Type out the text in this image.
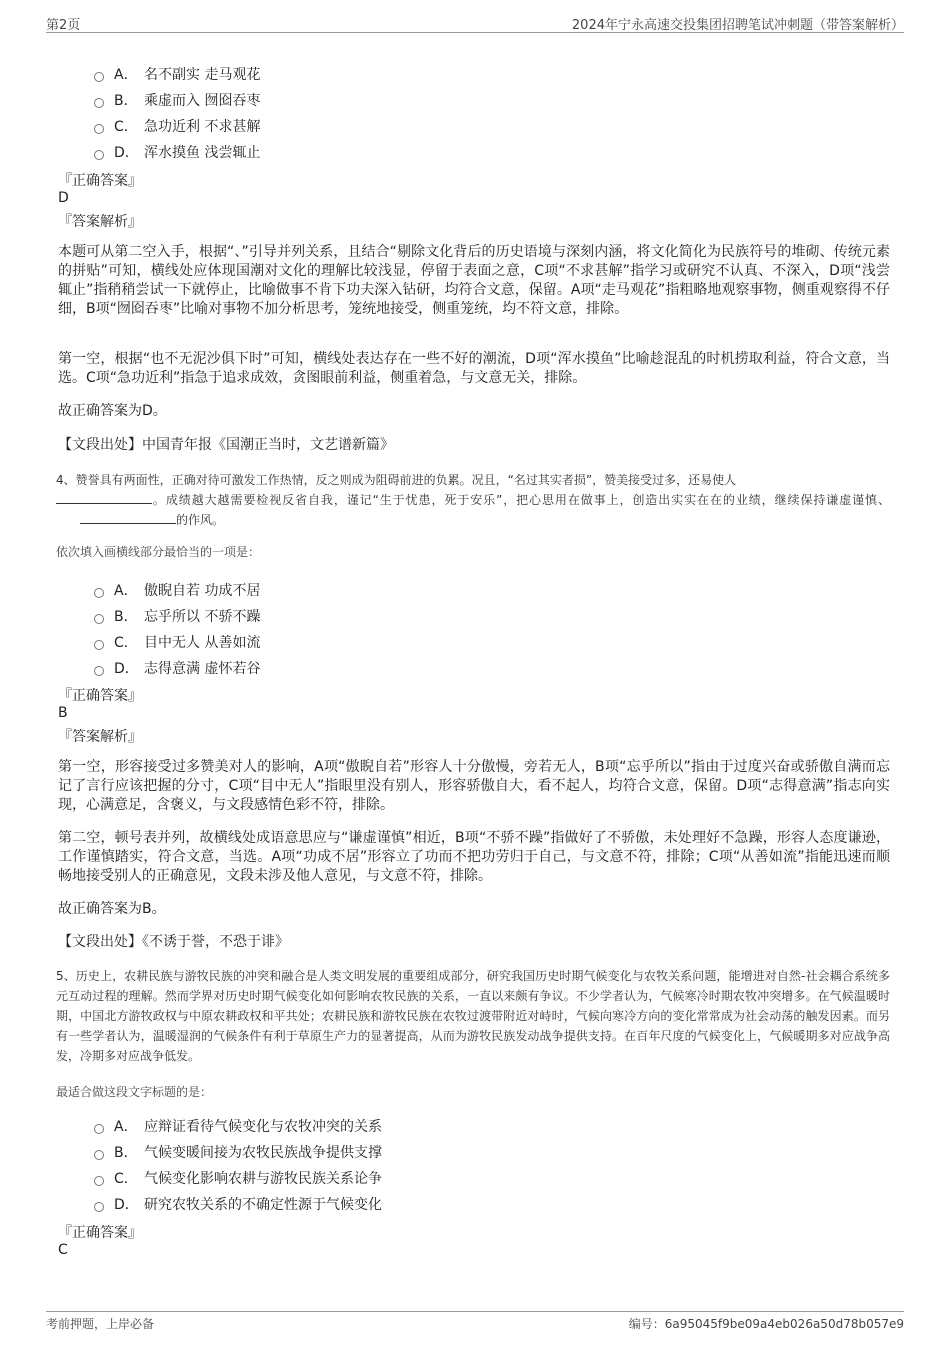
第2页	2024年宁永高速交投集团招聘笔试冲刺题（带答案解析）
A． 名不副实 走马观花
B． 乘虚而入 囫囵吞枣
C． 急功近利 不求甚解
D． 浑水摸鱼 浅尝辄止
『正确答案』
D
『答案解析』

本题可从第二空入手，根据“、”引导并列关系，且结合“剔除文化背后的历史语境与深刻内涵，将文化简化为民族符号的堆砌、传统元素的拼贴”可知，横线处应体现国潮对文化的理解比较浅显，停留于表面之意，C项“不求甚解”指学习或研究不认真、不深入，D项“浅尝辄止”指稍稍尝试一下就停止，比喻做事不肯下功夫深入钻研，均符合文意，保留。A项“走马观花”指粗略地观察事物，侧重观察得不仔细，B项“囫囵吞枣”比喻对事物不加分析思考，笼统地接受，侧重笼统，均不符文意，排除。

第一空，根据“也不无泥沙俱下时”可知，横线处表达存在一些不好的潮流，D项“浑水摸鱼”比喻趁混乱的时机捞取利益，符合文意，当选。C项“急功近利”指急于追求成效，贪图眼前利益，侧重着急，与文意无关，排除。

故正确答案为D。

【文段出处】中国青年报《国潮正当时，文艺谱新篇》

4、赞誉具有两面性，正确对待可激发工作热情，反之则成为阻碍前进的负累。况且，“名过其实者损”，赞美接受过多，还易使人
。成绩越大越需要检视反省自我，谨记“生于忧患，死于安乐”，把心思用在做事上，创造出实实在在的业绩，继续保持谦虚谨慎、的作风。

依次填入画横线部分最恰当的一项是：
A． 傲睨自若 功成不居
B． 忘乎所以 不骄不躁
C． 目中无人 从善如流
D． 志得意满 虚怀若谷
『正确答案』
B
『答案解析』

第一空，形容接受过多赞美对人的影响，A项“傲睨自若”形容人十分傲慢，旁若无人，B项“忘乎所以”指由于过度兴奋或骄傲自满而忘记了言行应该把握的分寸，C项“目中无人”指眼里没有别人，形容骄傲自大，看不起人，均符合文意，保留。D项“志得意满”指志向实现，心满意足，含褒义，与文段感情色彩不符，排除。

第二空，顿号表并列，故横线处成语意思应与“谦虚谨慎”相近，B项“不骄不躁”指做好了不骄傲，未处理好不急躁，形容人态度谦逊，工作谨慎踏实，符合文意，当选。A项“功成不居”形容立了功而不把功劳归于自己，与文意不符，排除；C项“从善如流”指能迅速而顺畅地接受别人的正确意见，文段未涉及他人意见，与文意不符，排除。

故正确答案为B。

【文段出处】《不诱于誉，不恐于诽》

5、历史上，农耕民族与游牧民族的冲突和融合是人类文明发展的重要组成部分，研究我国历史时期气候变化与农牧关系问题，能增进对自然-社会耦合系统多元互动过程的理解。然而学界对历史时期气候变化如何影响农牧民族的关系，一直以来颇有争议。不少学者认为，气候寒冷时期农牧冲突增多。在气候温暖时期，中国北方游牧政权与中原农耕政权和平共处；农耕民族和游牧民族在农牧过渡带附近对峙时，气候向寒冷方向的变化常常成为社会动荡的触发因素。而另有一些学者认为，温暖湿润的气候条件有利于草原生产力的显著提高，从而为游牧民族发动战争提供支持。在百年尺度的气候变化上，气候暖期多对应战争高发，冷期多对应战争低发。

最适合做这段文字标题的是：
A． 应辩证看待气候变化与农牧冲突的关系
B． 气候变暖间接为农牧民族战争提供支撑
C． 气候变化影响农耕与游牧民族关系论争
D． 研究农牧关系的不确定性源于气候变化
『正确答案』
C
考前押题，上岸必备	编号：6a95045f9be09a4eb026a50d78b057e9
